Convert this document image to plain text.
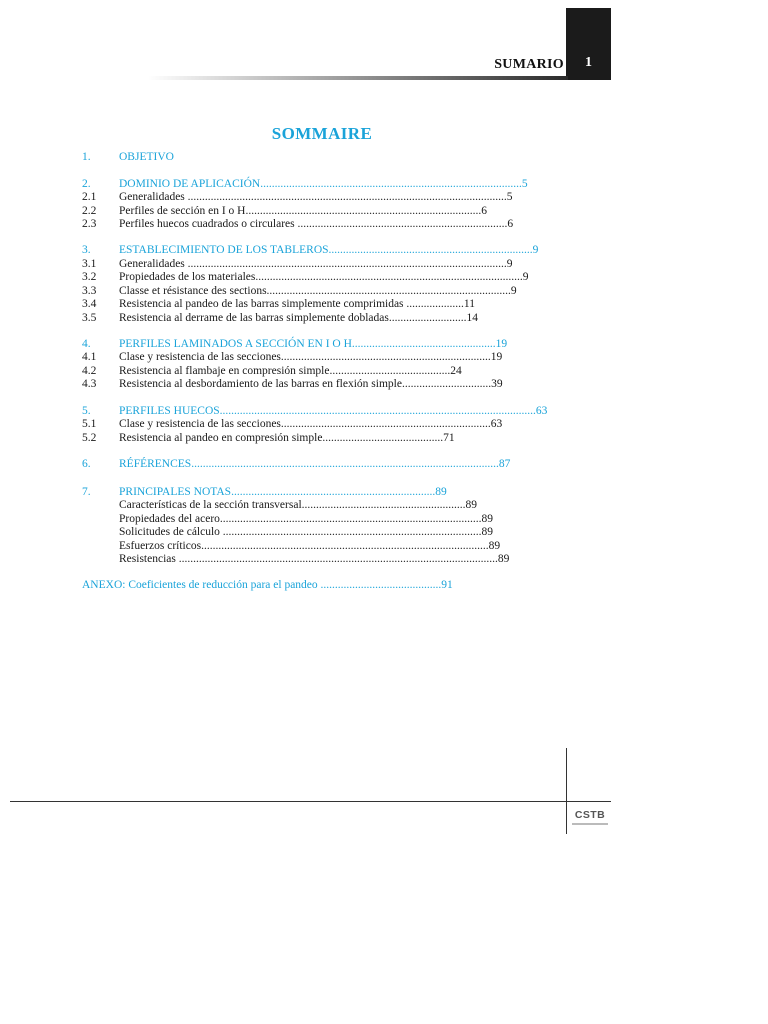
1
SUMARIO
SOMMAIRE
1. OBJETIVO
2. DOMINIO DE APLICACIÓN...........................................................................................5
2.1 Generalidades ...............................................................................................................5
2.2 Perfiles de sección en I o H..................................................................................6
2.3 Perfiles huecos cuadrados o circulares .........................................................................6
3. ESTABLECIMIENTO DE LOS TABLEROS.......................................................................9
3.1 Generalidades ...............................................................................................................9
3.2 Propiedades de los materiales.............................................................................................9
3.3 Classe et résistance des sections.....................................................................................9
3.4 Resistencia al pandeo de las barras simplemente comprimidas ....................11
3.5 Resistencia al derrame de las barras simplemente dobladas...........................14
4. PERFILES LAMINADOS A SECCIÓN EN I O H..................................................19
4.1 Clase y resistencia de las secciones.........................................................................19
4.2 Resistencia al flambaje en compresión simple..........................................24
4.3 Resistencia al desbordamiento de las barras en flexión simple...............................39
5. PERFILES HUECOS..............................................................................................................63
5.1 Clase y resistencia de las secciones.........................................................................63
5.2 Resistencia al pandeo en compresión simple..........................................71
6. RÉFÉRENCES...........................................................................................................87
7. PRINCIPALES NOTAS.......................................................................89
Características de la sección transversal.........................................................89
Propiedades del acero...........................................................................................89
Solicitudes de cálculo ..........................................................................................89
Esfuerzos críticos....................................................................................................89
Resistencias ...............................................................................................................89
ANEXO: Coeficientes de reducción para el pandeo ..........................................91
CSTB
